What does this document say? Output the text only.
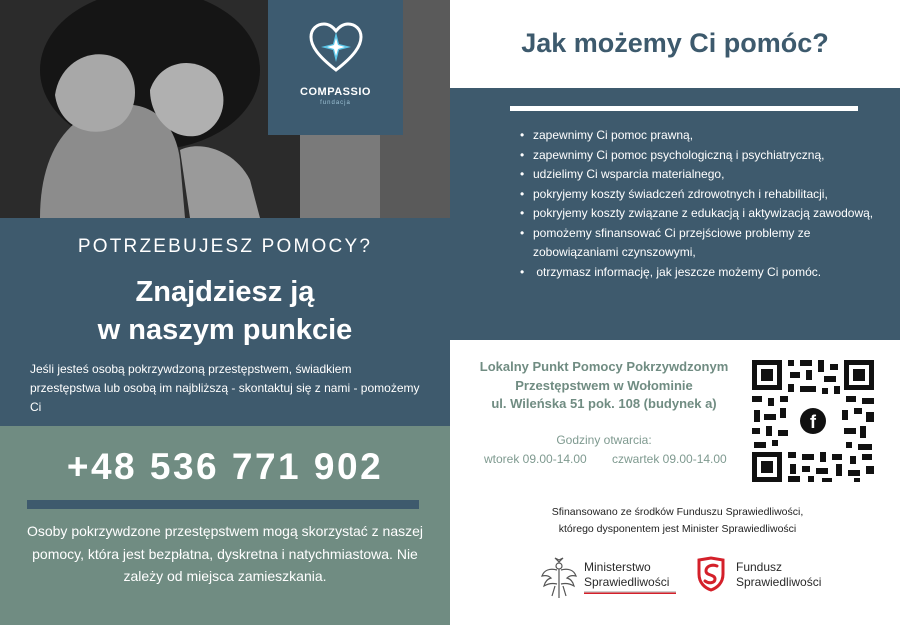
COMPASSIO
fundacja
POTRZEBUJESZ POMOCY?
Znajdziesz ją
w naszym punkcie
Jeśli jesteś osobą pokrzywdzoną przestępstwem, świadkiem przestępstwa lub osobą im najbliższą - skontaktuj się z nami - pomożemy Ci
+48 536 771 902
Osoby pokrzywdzone przestępstwem mogą skorzystać z naszej pomocy, która jest bezpłatna, dyskretna i natychmiastowa. Nie zależy od miejsca zamieszkania.
Jak możemy Ci pomóc?
• zapewnimy Ci pomoc prawną,
• zapewnimy Ci pomoc psychologiczną i psychiatryczną,
• udzielimy Ci wsparcia materialnego,
• pokryjemy koszty świadczeń zdrowotnych i rehabilitacji,
• pokryjemy koszty związane z edukacją i aktywizacją zawodową,
• pomożemy sfinansować Ci przejściowe problemy ze zobowiązaniami czynszowymi,
• otrzymasz informację, jak jeszcze możemy Ci pomóc.
Lokalny Punkt Pomocy Pokrzywdzonym
Przestępstwem w Wołominie
ul. Wileńska 51 pok. 108 (budynek a)
Godziny otwarcia:
wtorek 09.00-14.00 czwartek 09.00-14.00
f
Sfinansowano ze środków Funduszu Sprawiedliwości,
którego dysponentem jest Minister Sprawiedliwości
Ministerstwo
Sprawiedliwości
Fundusz
Sprawiedliwości
